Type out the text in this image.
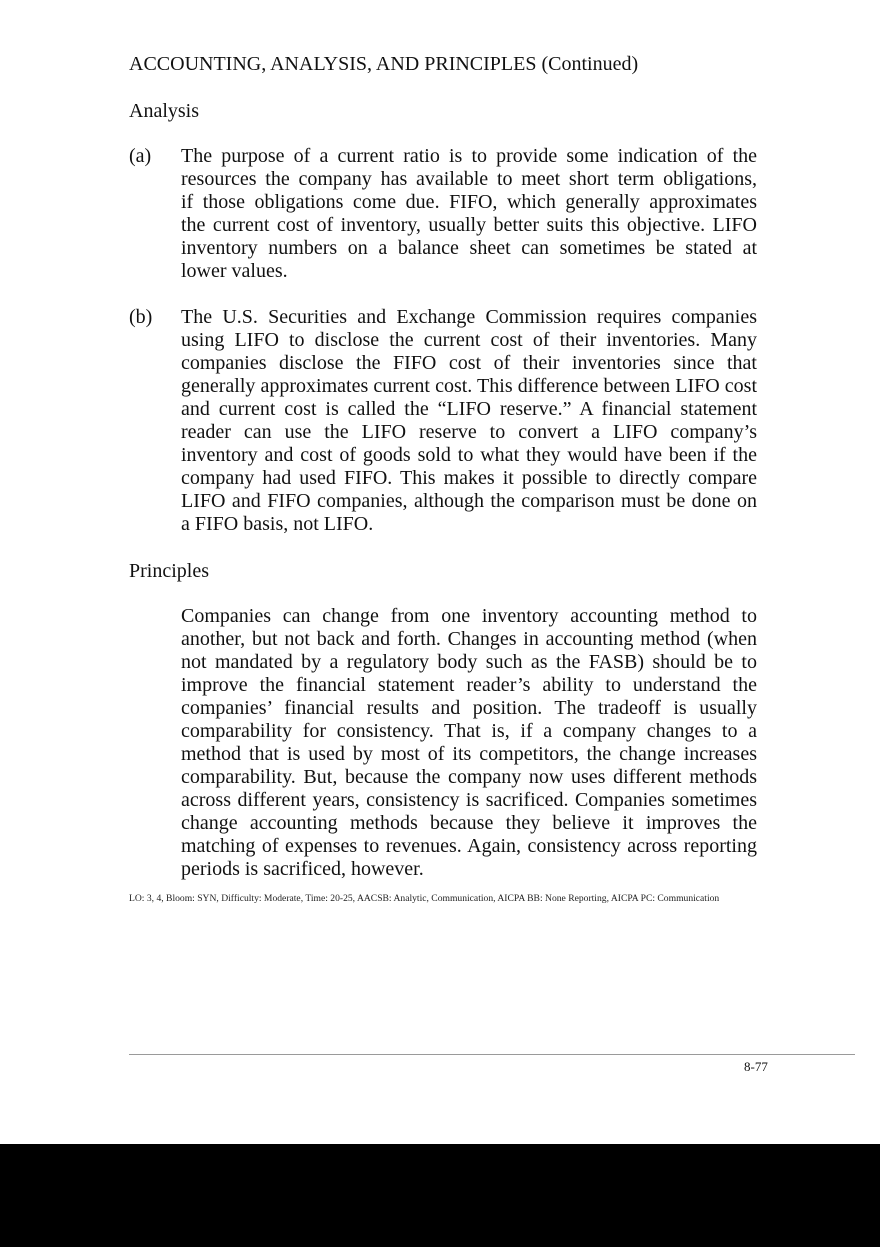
ACCOUNTING, ANALYSIS, AND PRINCIPLES (Continued)
Analysis
(a) The purpose of a current ratio is to provide some indication of the
resources the company has available to meet short term obligations,
if those obligations come due. FIFO, which generally approximates
the current cost of inventory, usually better suits this objective. LIFO
inventory numbers on a balance sheet can sometimes be stated at
lower values.
(b) The U.S. Securities and Exchange Commission requires companies
using LIFO to disclose the current cost of their inventories. Many
companies disclose the FIFO cost of their inventories since that
generally approximates current cost. This difference between LIFO cost
and current cost is called the “LIFO reserve.” A financial statement
reader can use the LIFO reserve to convert a LIFO company’s
inventory and cost of goods sold to what they would have been if the
company had used FIFO. This makes it possible to directly compare
LIFO and FIFO companies, although the comparison must be done on
a FIFO basis, not LIFO.
Principles
Companies can change from one inventory accounting method to
another, but not back and forth. Changes in accounting method (when
not mandated by a regulatory body such as the FASB) should be to
improve the financial statement reader’s ability to understand the
companies’ financial results and position. The tradeoff is usually
comparability for consistency. That is, if a company changes to a
method that is used by most of its competitors, the change increases
comparability. But, because the company now uses different methods
across different years, consistency is sacrificed. Companies sometimes
change accounting methods because they believe it improves the
matching of expenses to revenues. Again, consistency across reporting
periods is sacrificed, however.
LO: 3, 4, Bloom: SYN, Difficulty: Moderate, Time: 20-25, AACSB: Analytic, Communication, AICPA BB: None Reporting, AICPA PC: Communication
8-77
